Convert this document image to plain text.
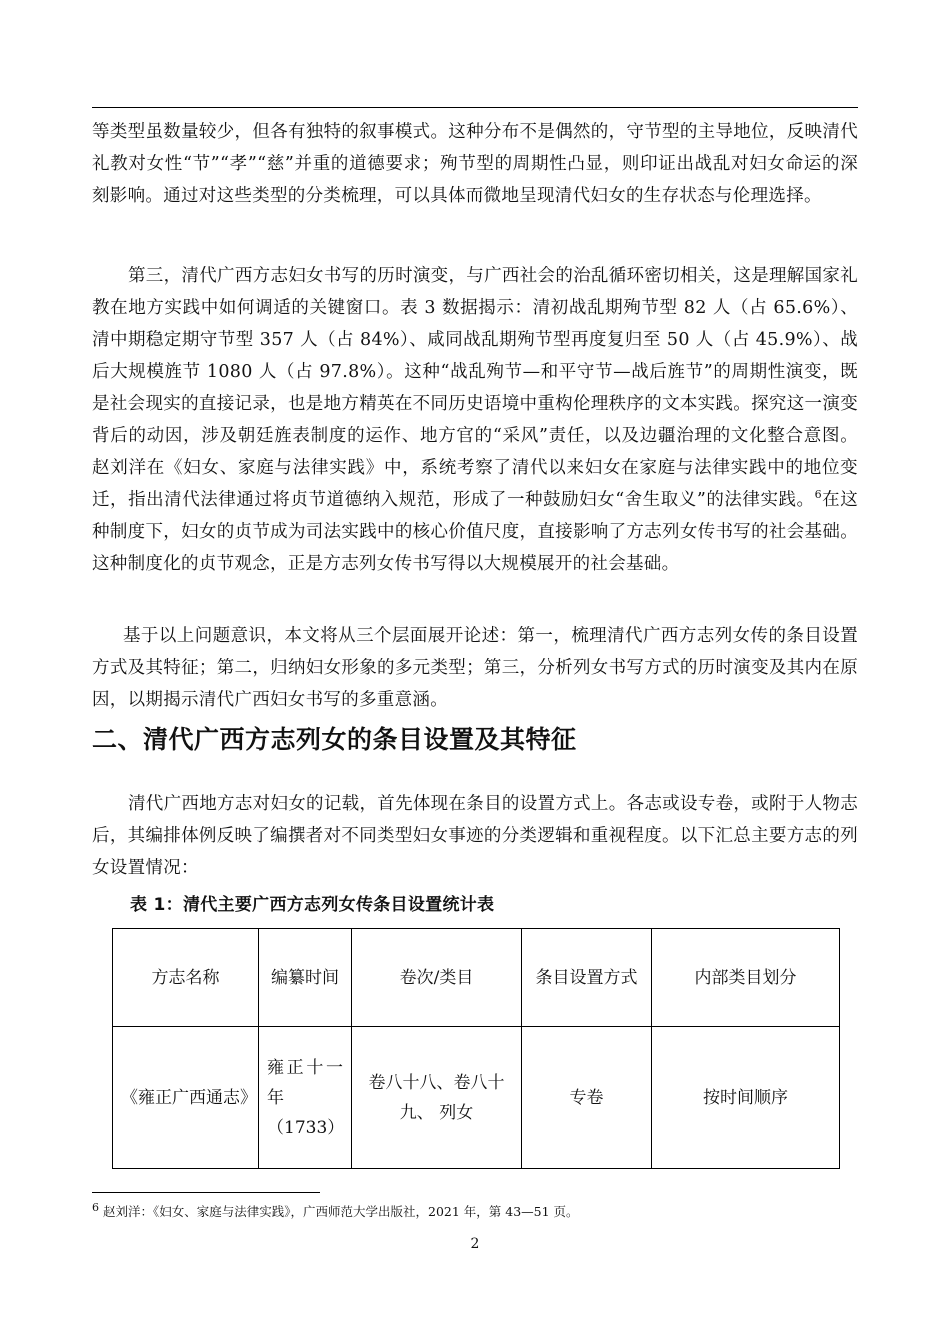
等类型虽数量较少，但各有独特的叙事模式。这种分布不是偶然的，守节型的主导地位，反映清代礼教对女性“节”“孝”“慈”并重的道德要求；殉节型的周期性凸显，则印证出战乱对妇女命运的深刻影响。通过对这些类型的分类梳理，可以具体而微地呈现清代妇女的生存状态与伦理选择。

第三，清代广西方志妇女书写的历时演变，与广西社会的治乱循环密切相关，这是理解国家礼教在地方实践中如何调适的关键窗口。表 3 数据揭示：清初战乱期殉节型 82 人（占 65.6%）、清中期稳定期守节型 357 人（占 84%）、咸同战乱期殉节型再度复归至 50 人（占 45.9%）、战后大规模旌节 1080 人（占 97.8%）。这种“战乱殉节—和平守节—战后旌节”的周期性演变，既是社会现实的直接记录，也是地方精英在不同历史语境中重构伦理秩序的文本实践。探究这一演变背后的动因，涉及朝廷旌表制度的运作、地方官的“采风”责任，以及边疆治理的文化整合意图。赵刘洋在《妇女、家庭与法律实践》中，系统考察了清代以来妇女在家庭与法律实践中的地位变迁，指出清代法律通过将贞节道德纳入规范，形成了一种鼓励妇女“舍生取义”的法律实践。$^6$在这种制度下，妇女的贞节成为司法实践中的核心价值尺度，直接影响了方志列女传书写的社会基础。这种制度化的贞节观念，正是方志列女传书写得以大规模展开的社会基础。

基于以上问题意识，本文将从三个层面展开论述：第一，梳理清代广西方志列女传的条目设置方式及其特征；第二，归纳妇女形象的多元类型；第三，分析列女书写方式的历时演变及其内在原因，以期揭示清代广西妇女书写的多重意涵。

二、清代广西方志列女的条目设置及其特征

清代广西地方志对妇女的记载，首先体现在条目的设置方式上。各志或设专卷，或附于人物志后，其编排体例反映了编撰者对不同类型妇女事迹的分类逻辑和重视程度。以下汇总主要方志的列女设置情况：

表 1：清代主要广西方志列女传条目设置统计表
方志名称	编纂时间	卷次/类目	条目设置方式	内部类目划分
《雍正广西通志》	雍正十一年（1733）	卷八十八、卷八十九、 列女	专卷	按时间顺序
6 赵刘洋：《妇女、家庭与法律实践》，广西师范大学出版社，2021 年，第 43—51 页。
2
